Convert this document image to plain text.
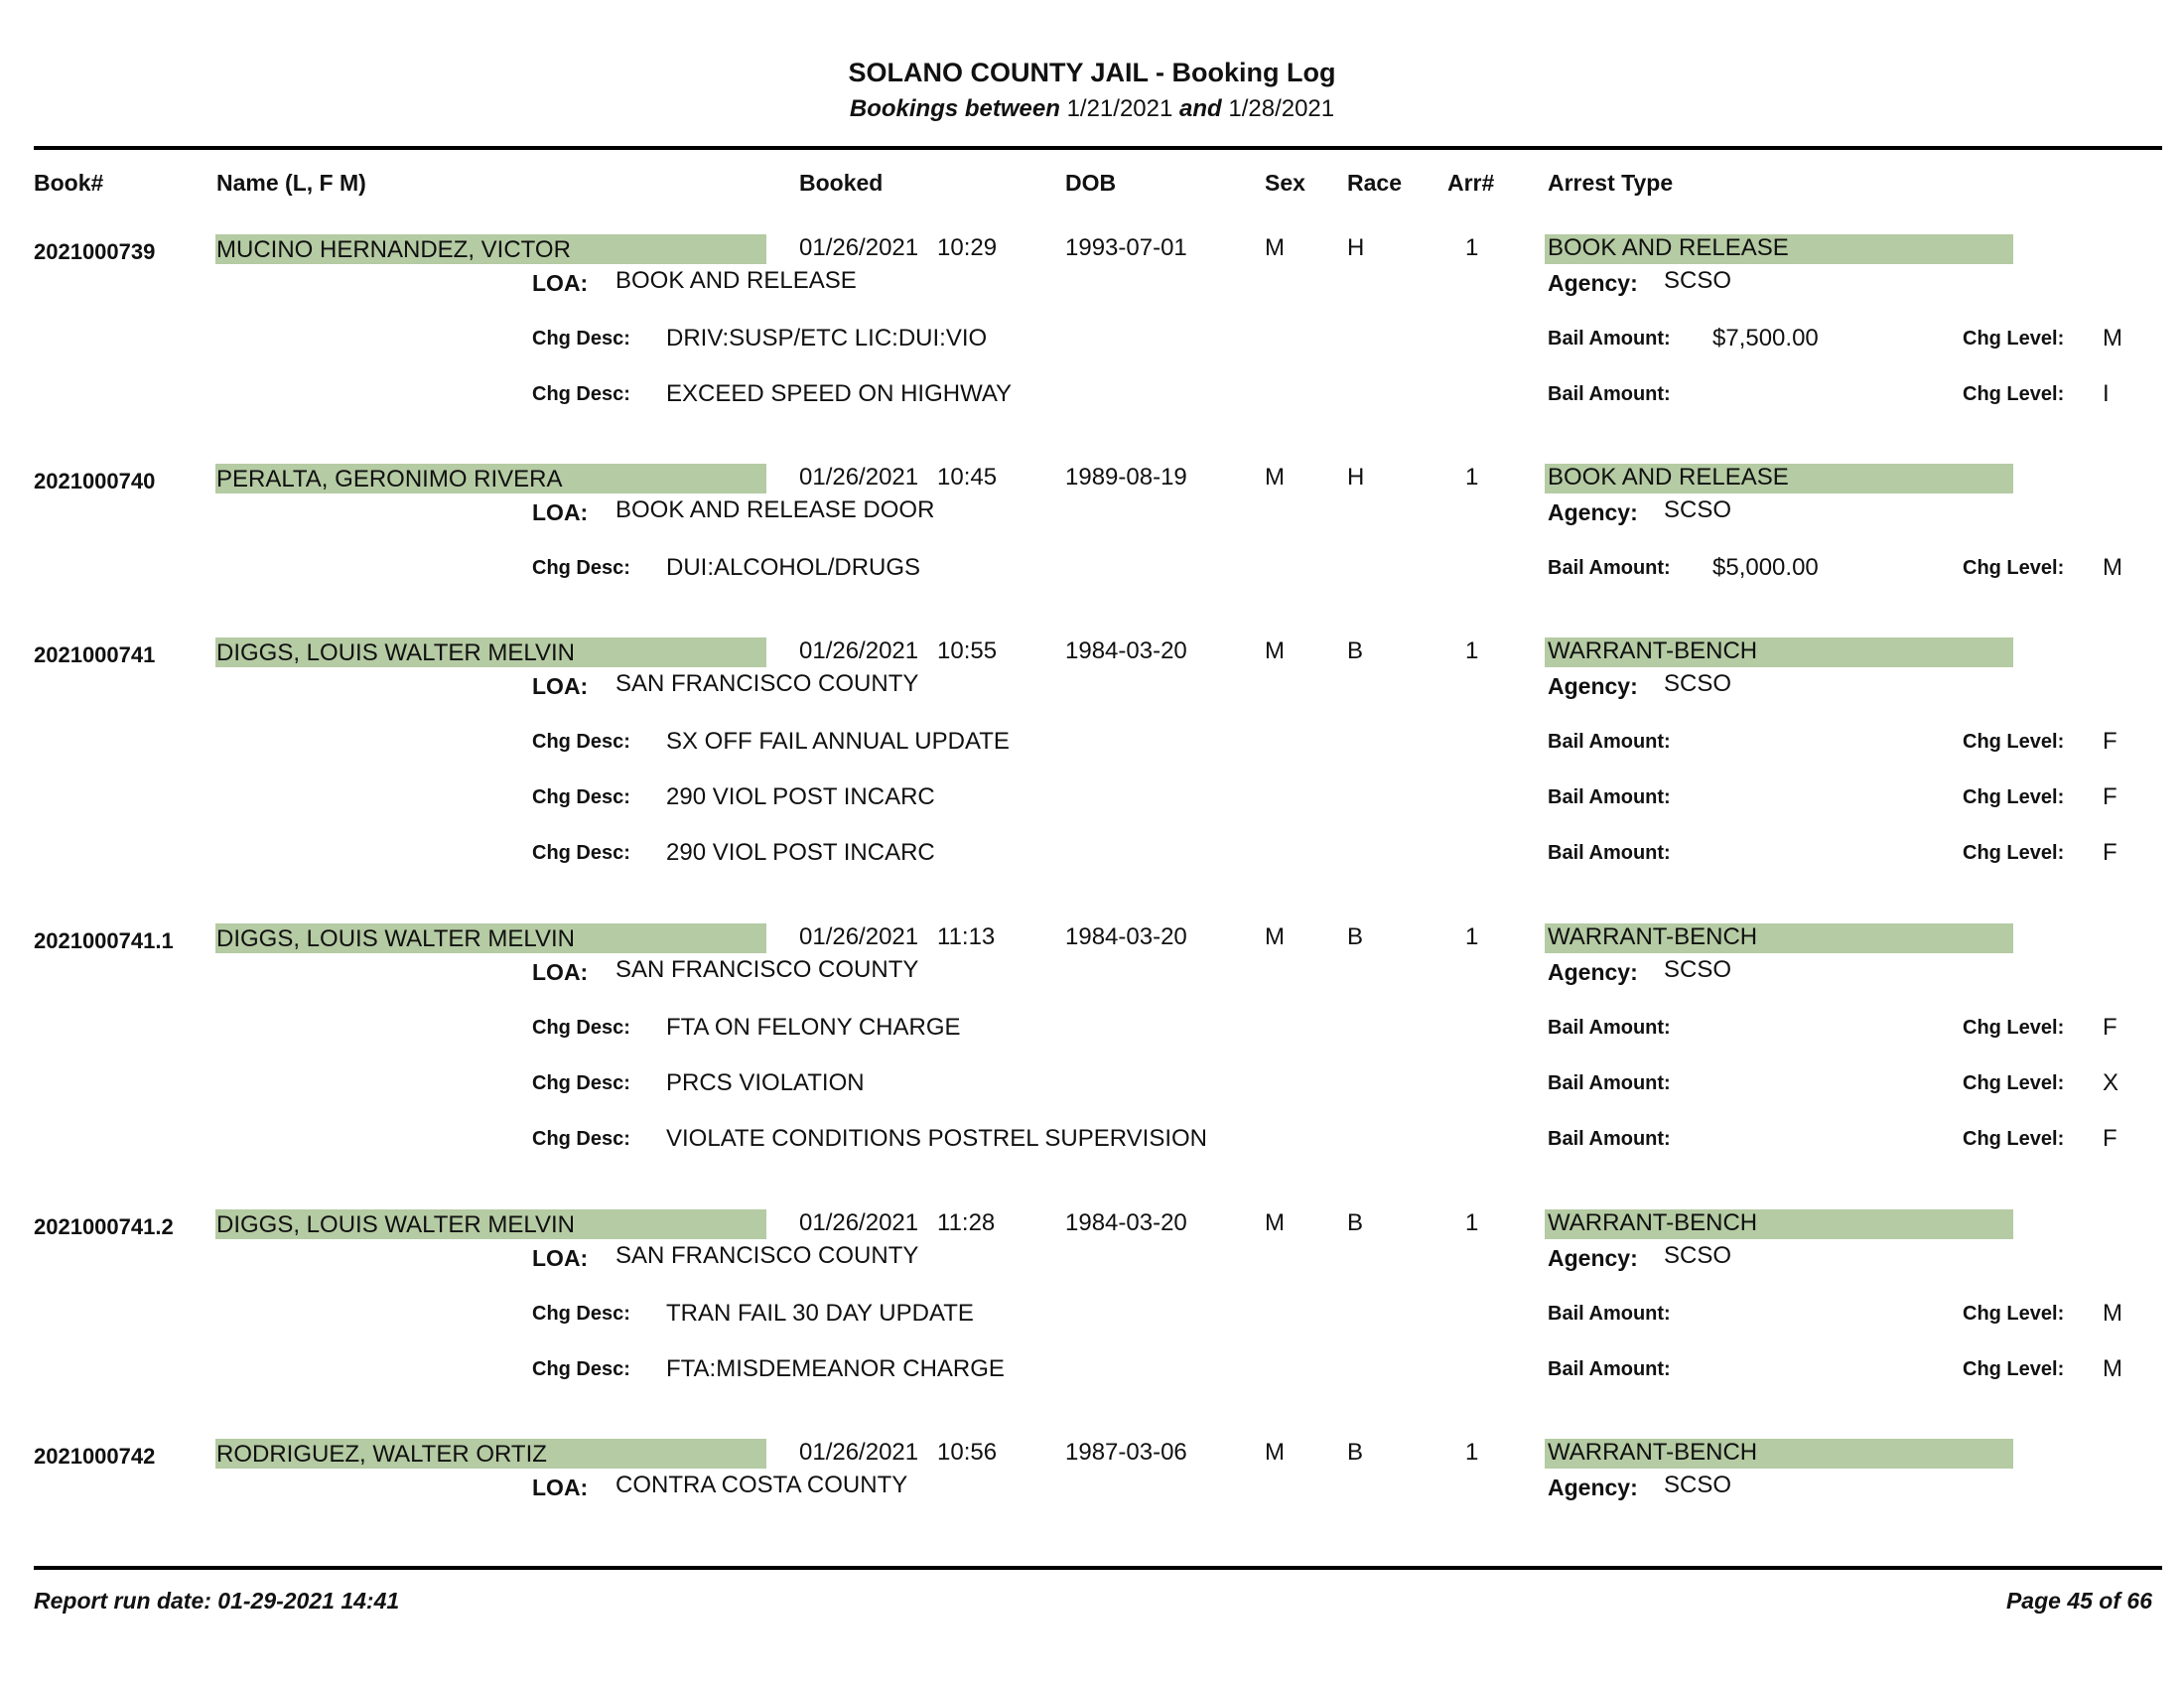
SOLANO COUNTY JAIL - Booking Log
Bookings between 1/21/2021 and 1/28/2021
Book#	Name (L, F M)	Booked	DOB	Sex Race Arr# Arrest Type
2021000739	MUCINO HERNANDEZ, VICTOR	01/26/2021 10:29	1993-07-01	M	H	1	BOOK AND RELEASE
LOA: BOOK AND RELEASE	Agency: SCSO
Chg Desc: DRIV:SUSP/ETC LIC:DUI:VIO	Bail Amount: $7,500.00	Chg Level: M
Chg Desc: EXCEED SPEED ON HIGHWAY	Bail Amount:	Chg Level: I
2021000740	PERALTA, GERONIMO RIVERA	01/26/2021 10:45	1989-08-19	M	H	1	BOOK AND RELEASE
LOA: BOOK AND RELEASE DOOR	Agency: SCSO
Chg Desc: DUI:ALCOHOL/DRUGS	Bail Amount: $5,000.00	Chg Level: M
2021000741	DIGGS, LOUIS WALTER MELVIN	01/26/2021 10:55	1984-03-20	M	B	1	WARRANT-BENCH
LOA: SAN FRANCISCO COUNTY	Agency: SCSO
Chg Desc: SX OFF FAIL ANNUAL UPDATE	Bail Amount:	Chg Level: F
Chg Desc: 290 VIOL POST INCARC	Bail Amount:	Chg Level: F
Chg Desc: 290 VIOL POST INCARC	Bail Amount:	Chg Level: F
2021000741.1 DIGGS, LOUIS WALTER MELVIN	01/26/2021 11:13	1984-03-20	M	B	1	WARRANT-BENCH
LOA: SAN FRANCISCO COUNTY	Agency: SCSO
Chg Desc: FTA ON FELONY CHARGE	Bail Amount:	Chg Level: F
Chg Desc: PRCS VIOLATION	Bail Amount:	Chg Level: X
Chg Desc: VIOLATE CONDITIONS POSTREL SUPERVISION	Bail Amount:	Chg Level: F
2021000741.2 DIGGS, LOUIS WALTER MELVIN	01/26/2021 11:28	1984-03-20	M	B	1	WARRANT-BENCH
LOA: SAN FRANCISCO COUNTY	Agency: SCSO
Chg Desc: TRAN FAIL 30 DAY UPDATE	Bail Amount:	Chg Level: M
Chg Desc: FTA:MISDEMEANOR CHARGE	Bail Amount:	Chg Level: M
2021000742	RODRIGUEZ, WALTER ORTIZ	01/26/2021 10:56	1987-03-06	M	B	1	WARRANT-BENCH
LOA: CONTRA COSTA COUNTY	Agency: SCSO
Report run date: 01-29-2021 14:41	Page 45 of 66
